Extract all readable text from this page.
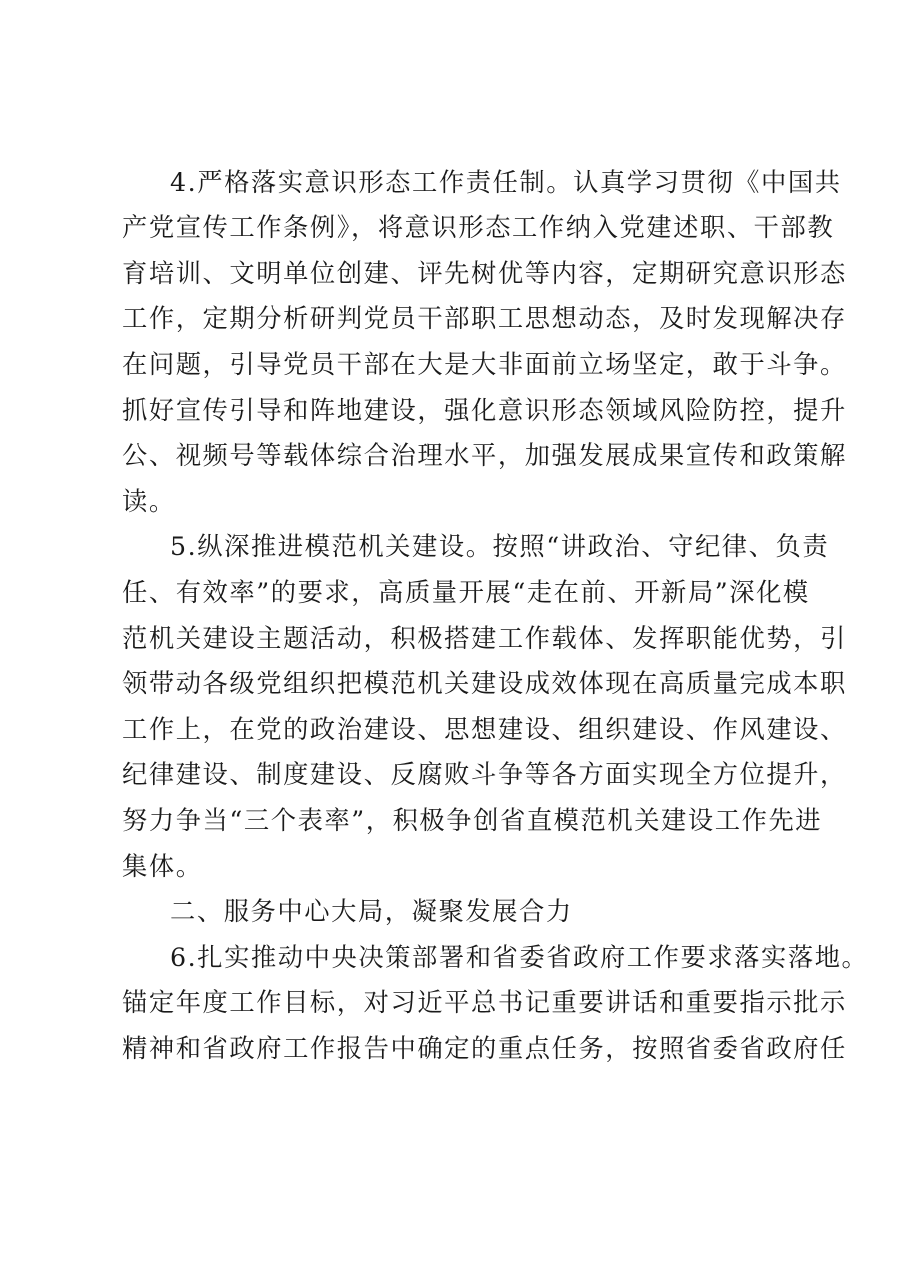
4.严格落实意识形态工作责任制。认真学习贯彻《中国共
产党宣传工作条例》，将意识形态工作纳入党建述职、干部教
育培训、文明单位创建、评先树优等内容，定期研究意识形态
工作，定期分析研判党员干部职工思想动态，及时发现解决存
在问题，引导党员干部在大是大非面前立场坚定，敢于斗争。
抓好宣传引导和阵地建设，强化意识形态领域风险防控，提升
公、视频号等载体综合治理水平，加强发展成果宣传和政策解
读。
5.纵深推进模范机关建设。按照“讲政治、守纪律、负责
任、有效率”的要求，高质量开展“走在前、开新局”深化模
范机关建设主题活动，积极搭建工作载体、发挥职能优势，引
领带动各级党组织把模范机关建设成效体现在高质量完成本职
工作上，在党的政治建设、思想建设、组织建设、作风建设、
纪律建设、制度建设、反腐败斗争等各方面实现全方位提升，
努力争当“三个表率”，积极争创省直模范机关建设工作先进
集体。
二、服务中心大局，凝聚发展合力
6.扎实推动中央决策部署和省委省政府工作要求落实落地。
锚定年度工作目标，对习近平总书记重要讲话和重要指示批示
精神和省政府工作报告中确定的重点任务，按照省委省政府任
